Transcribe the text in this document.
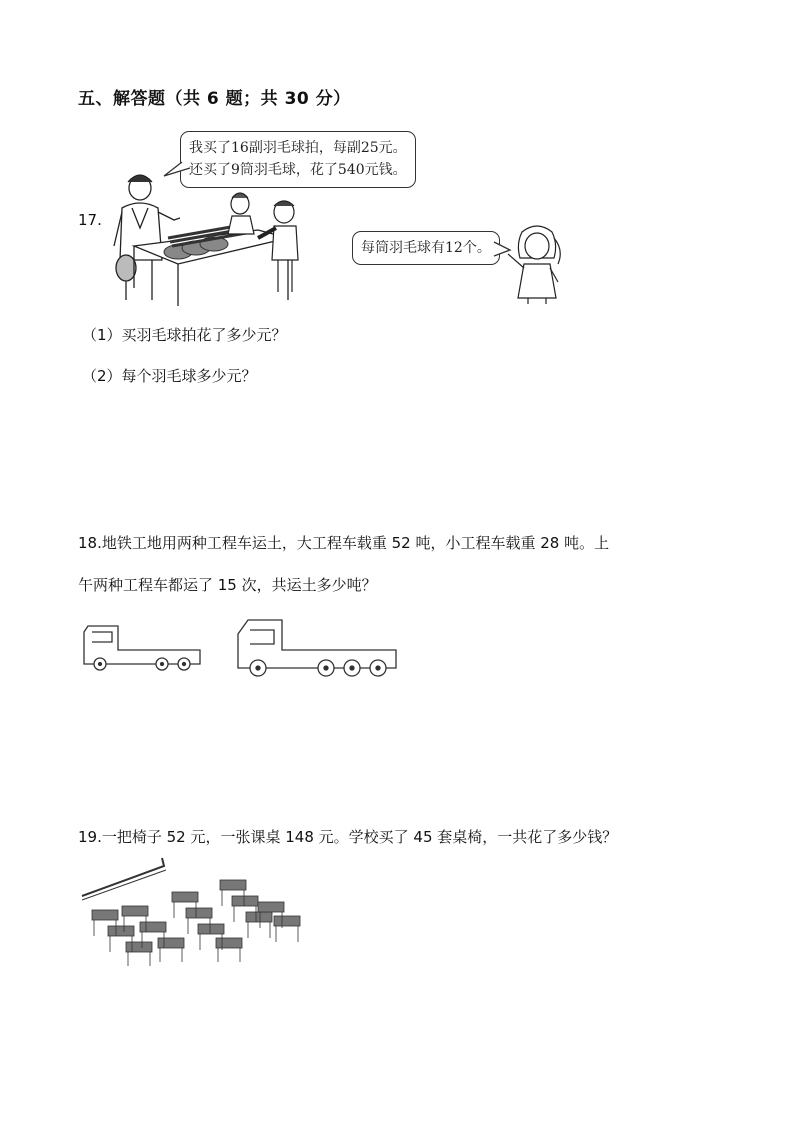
五、解答题（共 6 题；共 30 分）
17.
我买了16副羽毛球拍，每副25元。
还买了9筒羽毛球，花了540元钱。
每筒羽毛球有12个。
（1）买羽毛球拍花了多少元？
（2）每个羽毛球多少元？
18.地铁工地用两种工程车运土，大工程车载重 52 吨，小工程车载重 28 吨。上
午两种工程车都运了 15 次，共运土多少吨？
19.一把椅子 52 元，一张课桌 148 元。学校买了 45 套桌椅，一共花了多少钱？
